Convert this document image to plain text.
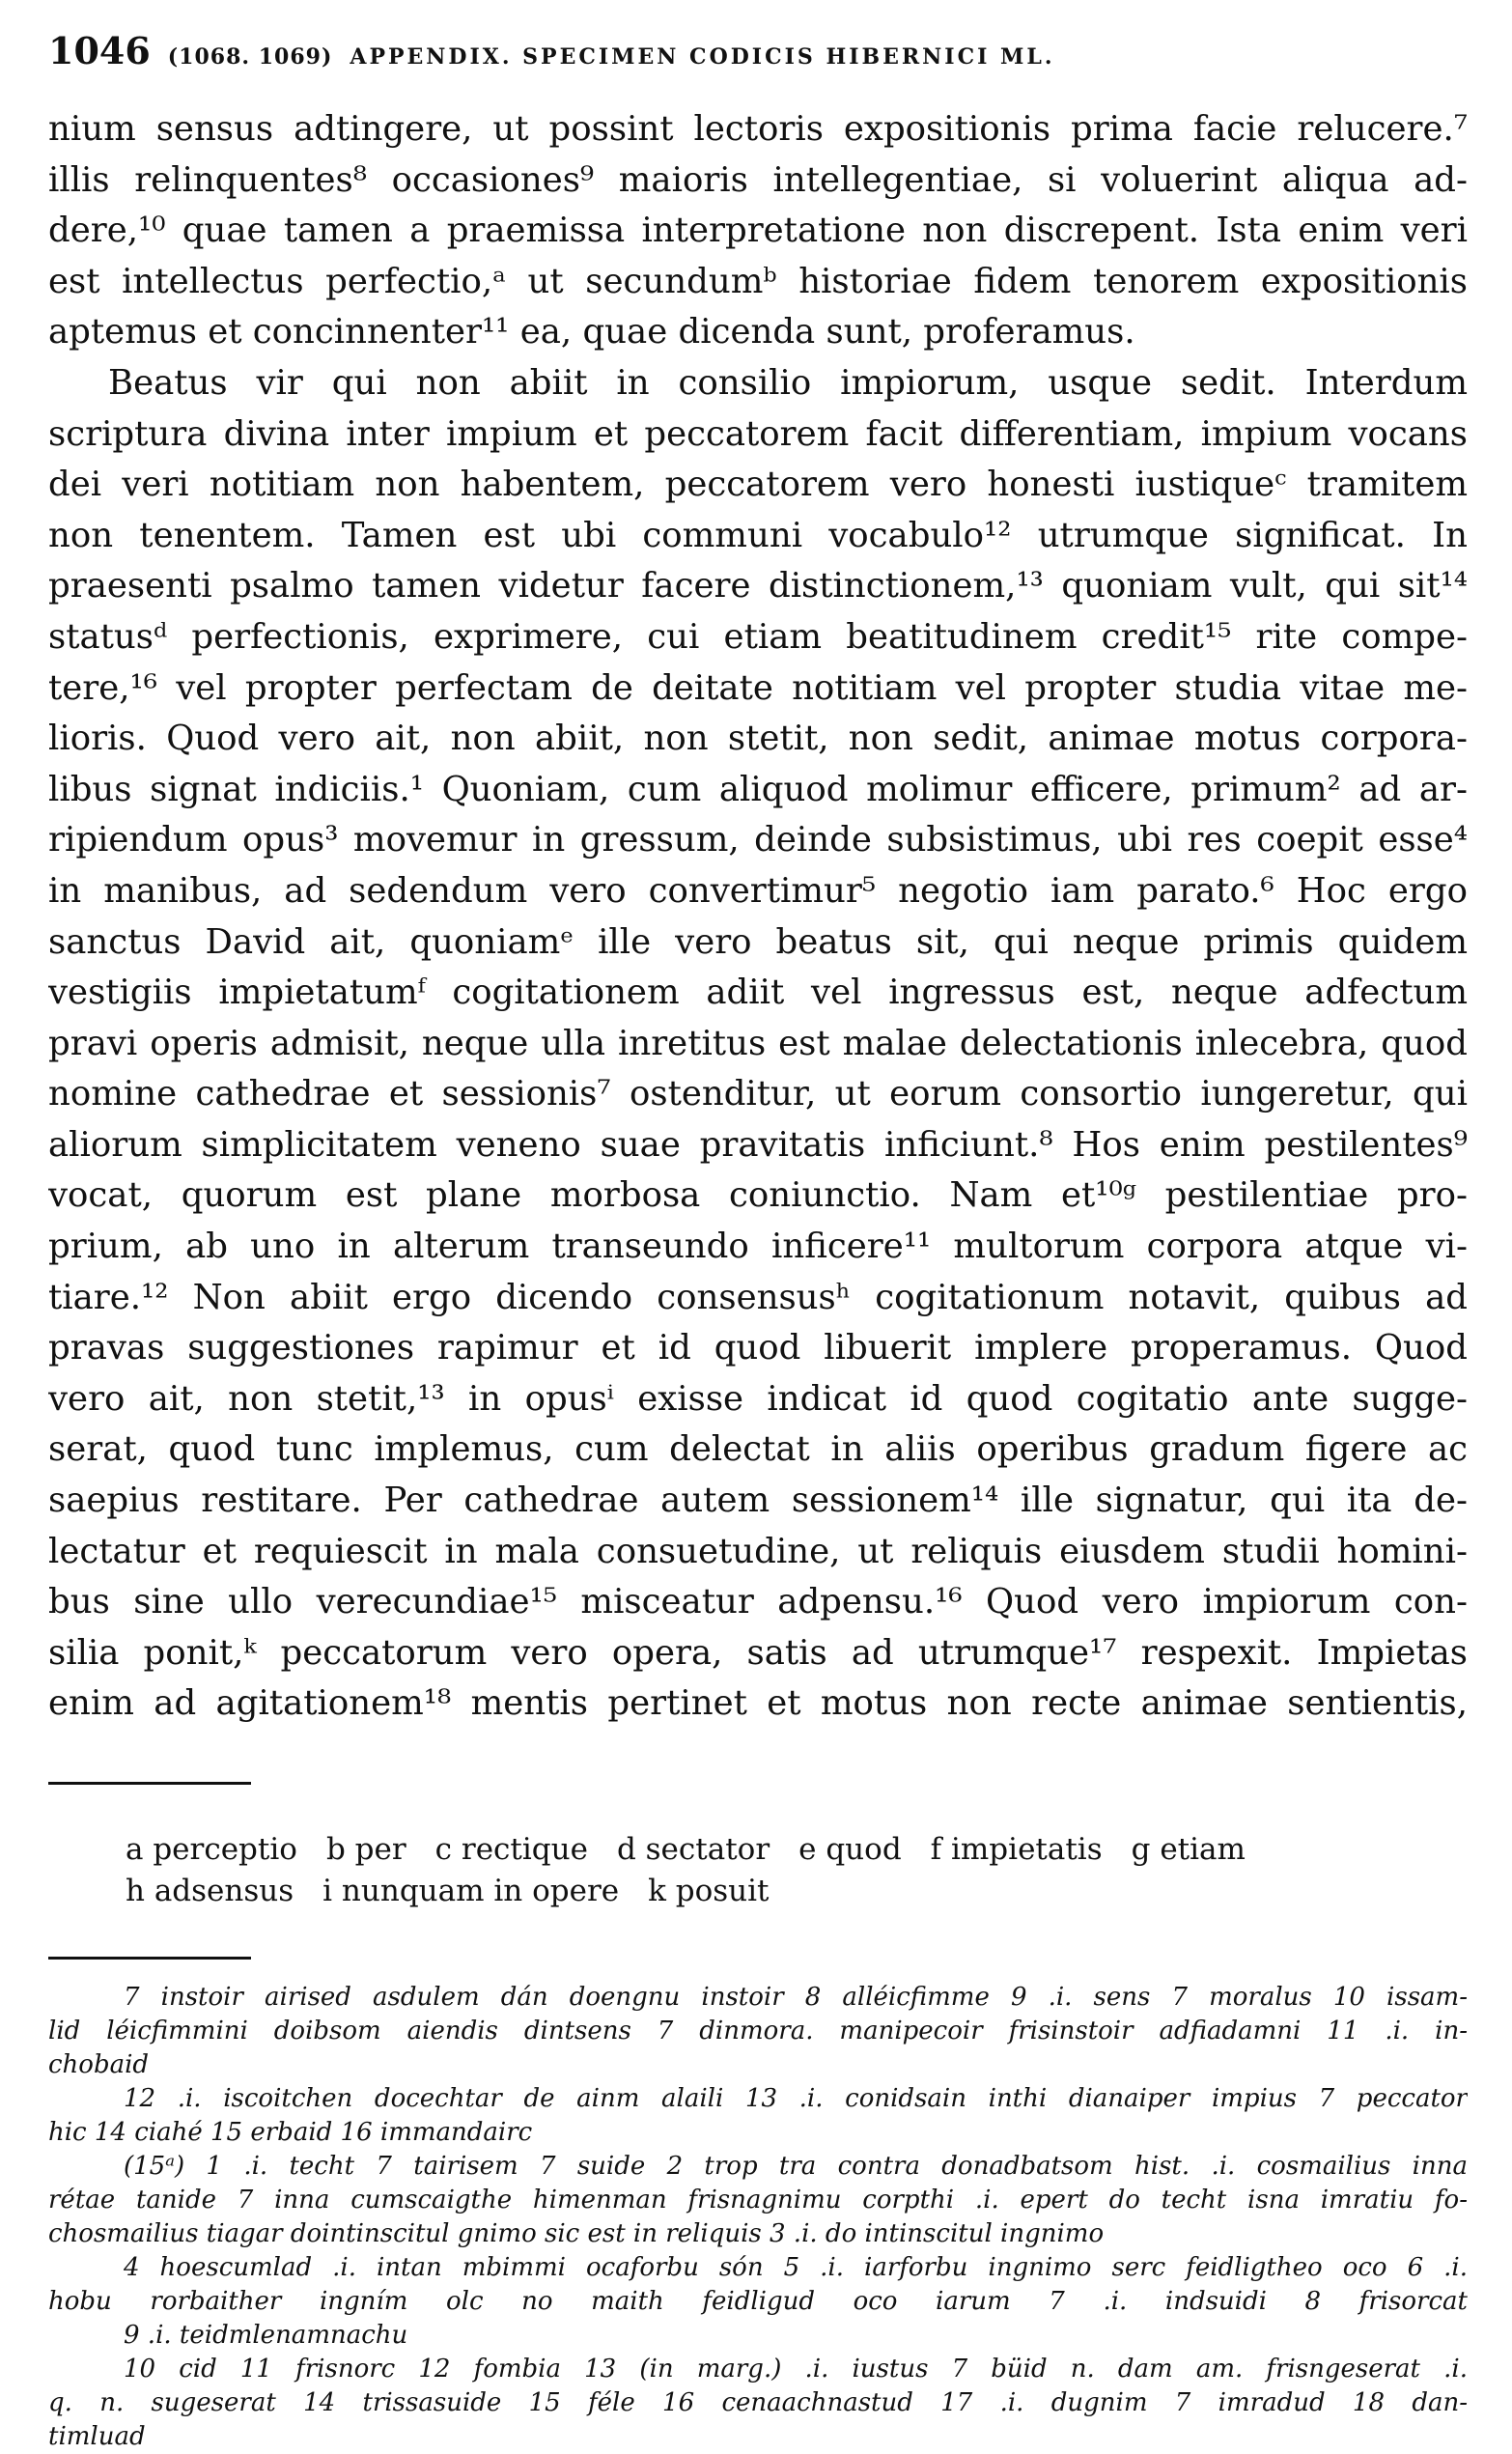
1046 (1068. 1069) APPENDIX. SPECIMEN CODICIS HIBERNICI ML.
nium sensus adtingere, ut possint lectoris expositionis prima facie relucere.⁷
illis relinquentes⁸ occasiones⁹ maioris intellegentiae, si voluerint aliqua ad-
dere,¹⁰ quae tamen a praemissa interpretatione non discrepent. Ista enim veri
est intellectus perfectio,ᵃ ut secundumᵇ historiae fidem tenorem expositionis
aptemus et concinnenter¹¹ ea, quae dicenda sunt, proferamus.
Beatus vir qui non abiit in consilio impiorum, usque sedit. Interdum
scriptura divina inter impium et peccatorem facit differentiam, impium vocans
dei veri notitiam non habentem, peccatorem vero honesti iustiqueᶜ tramitem
non tenentem. Tamen est ubi communi vocabulo¹² utrumque significat. In
praesenti psalmo tamen videtur facere distinctionem,¹³ quoniam vult, qui sit¹⁴
statusᵈ perfectionis, exprimere, cui etiam beatitudinem credit¹⁵ rite compe-
tere,¹⁶ vel propter perfectam de deitate notitiam vel propter studia vitae me-
lioris. Quod vero ait, non abiit, non stetit, non sedit, animae motus corpora-
libus signat indiciis.¹ Quoniam, cum aliquod molimur efficere, primum² ad ar-
ripiendum opus³ movemur in gressum, deinde subsistimus, ubi res coepit esse⁴
in manibus, ad sedendum vero convertimur⁵ negotio iam parato.⁶ Hoc ergo
sanctus David ait, quoniamᵉ ille vero beatus sit, qui neque primis quidem
vestigiis impietatumᶠ cogitationem adiit vel ingressus est, neque adfectum
pravi operis admisit, neque ulla inretitus est malae delectationis inlecebra, quod
nomine cathedrae et sessionis⁷ ostenditur, ut eorum consortio iungeretur, qui
aliorum simplicitatem veneno suae pravitatis inficiunt.⁸ Hos enim pestilentes⁹
vocat, quorum est plane morbosa coniunctio. Nam et¹⁰ᵍ pestilentiae pro-
prium, ab uno in alterum transeundo inficere¹¹ multorum corpora atque vi-
tiare.¹² Non abiit ergo dicendo consensusʰ cogitationum notavit, quibus ad
pravas suggestiones rapimur et id quod libuerit implere properamus. Quod
vero ait, non stetit,¹³ in opusⁱ exisse indicat id quod cogitatio ante sugge-
serat, quod tunc implemus, cum delectat in aliis operibus gradum figere ac
saepius restitare. Per cathedrae autem sessionem¹⁴ ille signatur, qui ita de-
lectatur et requiescit in mala consuetudine, ut reliquis eiusdem studii homini-
bus sine ullo verecundiae¹⁵ misceatur adpensu.¹⁶ Quod vero impiorum con-
silia ponit,ᵏ peccatorum vero opera, satis ad utrumque¹⁷ respexit. Impietas
enim ad agitationem¹⁸ mentis pertinet et motus non recte animae sentientis,
a perceptio b per c rectique d sectator e quod f impietatis g etiam
h adsensus i nunquam in opere k posuit
7 instoir airised asdulem dán doengnu instoir 8 alléicfimme 9 .i. sens 7 moralus 10 issam-
lid léicfimmini doibsom aiendis dintsens 7 dinmora. manipecoir frisinstoir adfiadamni 11 .i. in-
chobaid
12 .i. iscoitchen docechtar de ainm alaili 13 .i. conidsain inthi dianaiper impius 7 peccator
hic 14 ciahé 15 erbaid 16 immandairc
(15ᵃ) 1 .i. techt 7 tairisem 7 suide 2 trop tra contra donadbatsom hist. .i. cosmailius inna
rétae tanide 7 inna cumscaigthe himenman frisnagnimu corpthi .i. epert do techt isna imratiu fo-
chosmailius tiagar dointinscitul gnimo sic est in reliquis 3 .i. do intinscitul ingnimo
4 hoescumlad .i. intan mbimmi ocaforbu són 5 .i. iarforbu ingnimo serc feidligtheo oco 6 .i.
hobu rorbaither ingním olc no maith feidligud oco iarum 7 .i. indsuidi 8 frisorcat
9 .i. teidmlenamnachu
10 cid 11 frisnorc 12 fombia 13 (in marg.) .i. iustus 7 büid n. dam am. frisngeserat .i.
q. n. sugeserat 14 trissasuide 15 féle 16 cenaachnastud 17 .i. dugnim 7 imradud 18 dan-
timluad
